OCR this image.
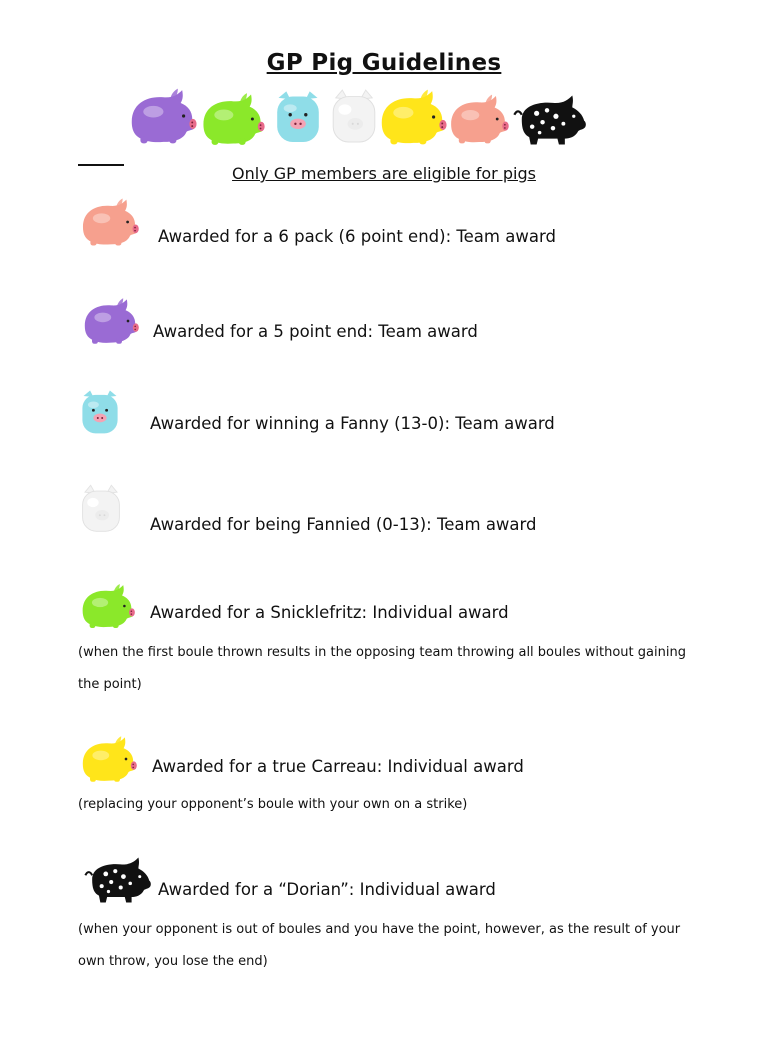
GP Pig Guidelines
Only GP members are eligible for pigs
Awarded for a 6 pack (6 point end): Team award
Awarded for a 5 point end: Team award
Awarded for winning a Fanny (13-0): Team award
Awarded for being Fannied (0-13): Team award
Awarded for a Snicklefritz: Individual award
(when the first boule thrown results in the opposing team throwing all boules without gaining the point)
Awarded for a true Carreau: Individual award
(replacing your opponent’s boule with your own on a strike)
Awarded for a “Dorian”: Individual award
(when your opponent is out of boules and you have the point, however, as the result of your own throw, you lose the end)
